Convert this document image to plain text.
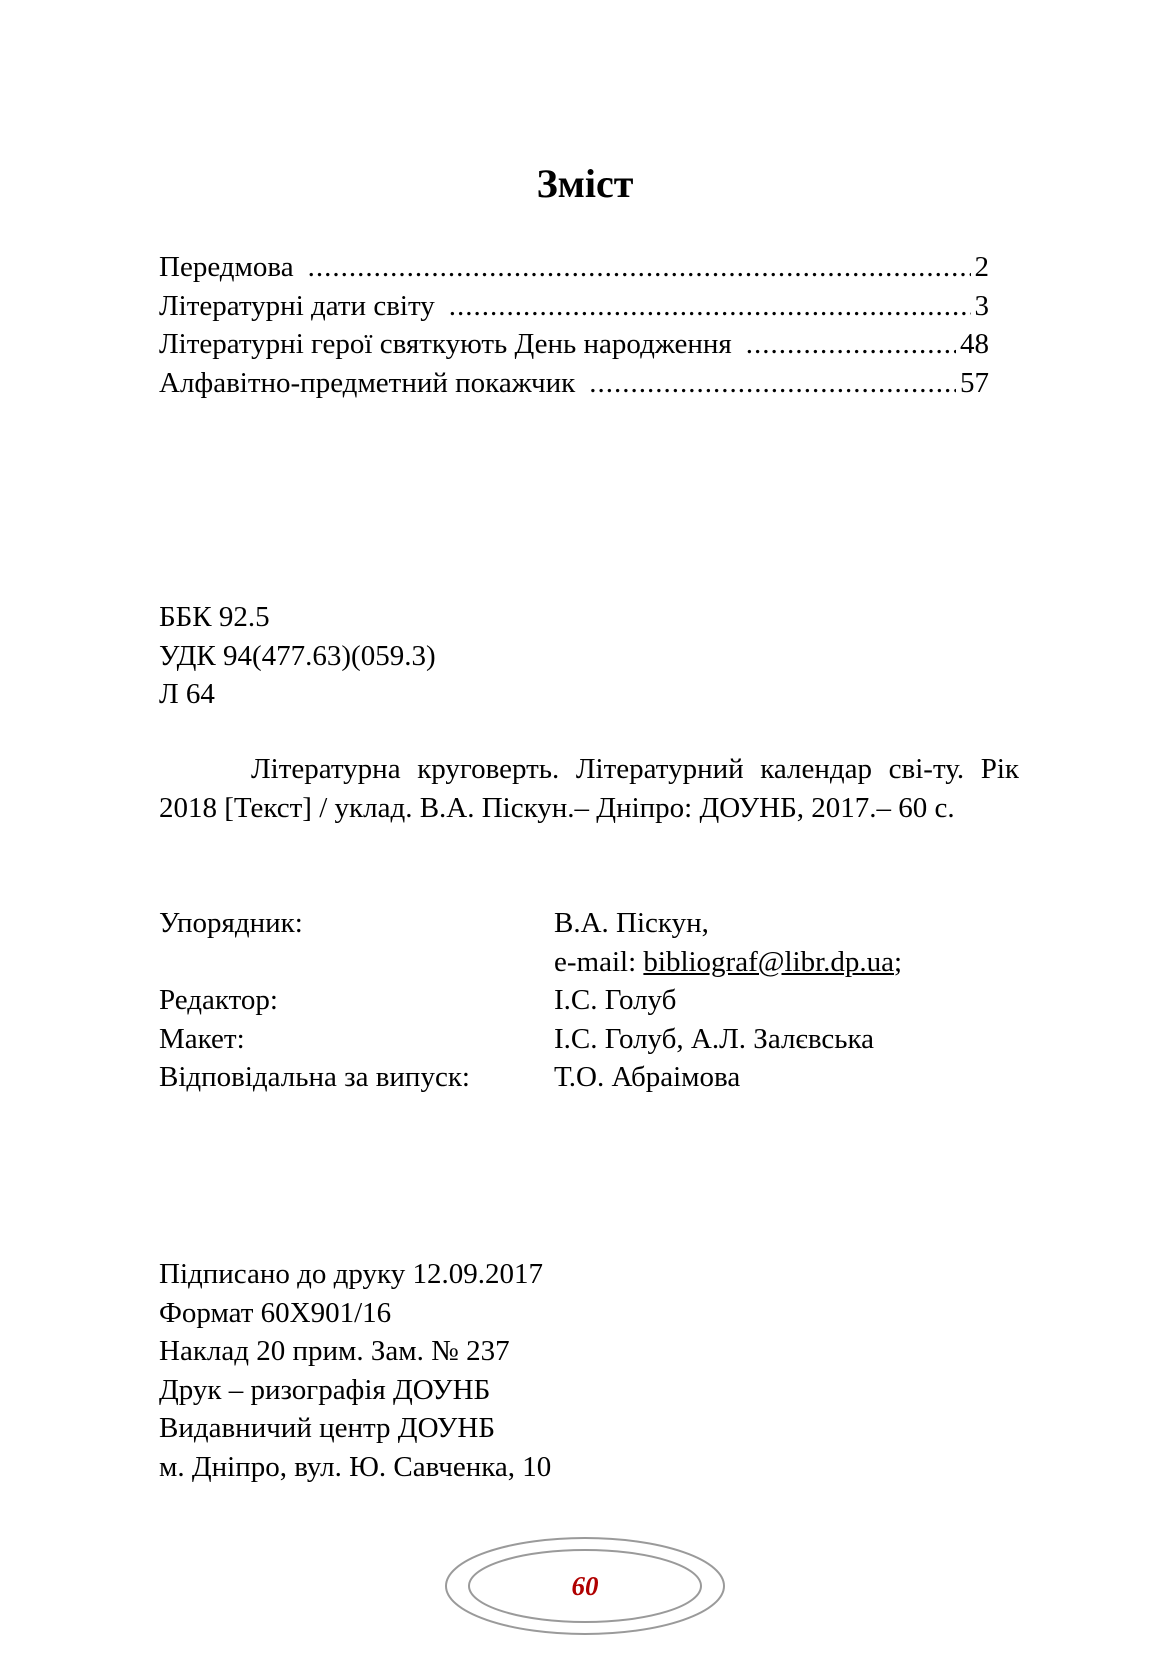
Зміст
Передмова .....	2
Літературні дати світу .....	3
Літературні герої святкують День народження .....	48
Алфавітно-предметний покажчик .....	57
ББК 92.5
УДК 94(477.63)(059.3)
Л 64
Літературна круговерть. Літературний календар сві-ту. Рік 2018 [Текст] / уклад. В.А. Піскун.– Дніпро: ДОУНБ, 2017.– 60 с.
Упорядник:	В.А. Піскун,
e-mail: bibliograf@libr.dp.ua;
Редактор:	І.С. Голуб
Макет:	І.С. Голуб, А.Л. Залєвська
Відповідальна за випуск:	Т.О. Абраімова
Підписано до друку 12.09.2017
Формат 60Х901/16
Наклад 20 прим. Зам. № 237
Друк – ризографія ДОУНБ
Видавничий центр ДОУНБ
м. Дніпро, вул. Ю. Савченка, 10
60
